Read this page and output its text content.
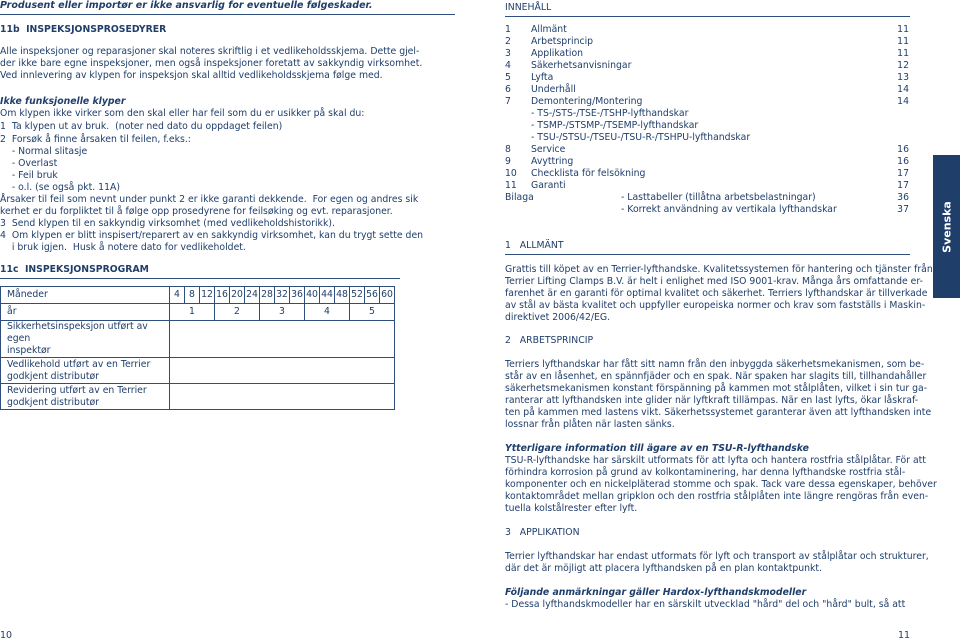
Produsent eller importør er ikke ansvarlig for eventuelle følgeskader.
11b INSPEKSJONSPROSEDYRER
Alle inspeksjoner og reparasjoner skal noteres skriftlig i et vedlikeholdsskjema. Dette gjel-
der ikke bare egne inspeksjoner, men også inspeksjoner foretatt av sakkyndig virksomhet.
Ved innlevering av klypen for inspeksjon skal alltid vedlikeholdsskjema følge med.
Ikke funksjonelle klyper
Om klypen ikke virker som den skal eller har feil som du er usikker på skal du:
1  Ta klypen ut av bruk.  (noter ned dato du oppdaget feilen)
2  Forsøk å finne årsaken til feilen, f.eks.:
- Normal slitasje
- Overlast
- Feil bruk
- o.l. (se også pkt. 11A)
Årsaker til feil som nevnt under punkt 2 er ikke garanti dekkende.  For egen og andres sik
kerhet er du forpliktet til å følge opp prosedyrene for feilsøking og evt. reparasjoner.
3  Send klypen til en sakkyndig virksomhet (med vedlikeholdshistorikk).
4  Om klypen er blitt inspisert/reparert av en sakkyndig virksomhet, kan du trygt sette den
i bruk igjen.  Husk å notere dato for vedlikeholdet.
11c INSPEKSJONSPROGRAM
Måneder	4	8	12	16	20	24	28	32	36	40	44	48	52	56	60
år	1			2			3			4			5		

Sikkerhetsinspeksjon utført av egen
inspektør															

Vedlikehold utført av en Terrier
godkjent distributør															

Revidering utført av en Terrier
godkjent distributør															

10
INNEHÅLL
1 Allmänt	11
2 Arbetsprincip	11
3 Applikation	11
4 Säkerhetsanvisningar	12
5 Lyfta	13
6 Underhåll	14
7 Demontering/Montering	14
- TS-/STS-/TSE-/TSHP-lyfthandskar
- TSMP-/STSMP-/TSEMP-lyfthandskar
- TSU-/STSU-/TSEU-/TSU-R-/TSHPU-lyfthandskar
8 Service	16
9 Avyttring	16
10 Checklista för felsökning	17
11 Garanti	17
Bilaga	- Lasttabeller (tillåtna arbetsbelastningar)	36
- Korrekt användning av vertikala lyfthandskar	37
1 ALLMÄNT
Grattis till köpet av en Terrier-lyfthandske. Kvalitetssystemen för hantering och tjänster från
Terrier Lifting Clamps B.V. är helt i enlighet med ISO 9001-krav. Många års omfattande er-
farenhet är en garanti för optimal kvalitet och säkerhet. Terriers lyfthandskar är tillverkade
av stål av bästa kvalitet och uppfyller europeiska normer och krav som fastställs i Maskin-
direktivet 2006/42/EG.
2 ARBETSPRINCIP
Terriers lyfthandskar har fått sitt namn från den inbyggda säkerhetsmekanismen, som be-
står av en låsenhet, en spännfjäder och en spak. När spaken har slagits till, tillhandahåller
säkerhetsmekanismen konstant förspänning på kammen mot stålplåten, vilket i sin tur ga-
ranterar att lyfthandsken inte glider när lyftkraft tillämpas. När en last lyfts, ökar låskraf-
ten på kammen med lastens vikt. Säkerhetssystemet garanterar även att lyfthandsken inte
lossnar från plåten när lasten sänks.
Ytterligare information till ägare av en TSU-R-lyfthandske
TSU-R-lyfthandske har särskilt utformats för att lyfta och hantera rostfria stålplåtar. För att
förhindra korrosion på grund av kolkontaminering, har denna lyfthandske rostfria stål-
komponenter och en nickelpläterad stomme och spak. Tack vare dessa egenskaper, behöver
kontaktområdet mellan gripklon och den rostfria stålplåten inte längre rengöras från even-
tuella kolstålrester efter lyft.
3 APPLIKATION
Terrier lyfthandskar har endast utformats för lyft och transport av stålplåtar och strukturer,
där det är möjligt att placera lyfthandsken på en plan kontaktpunkt.
Följande anmärkningar gäller Hardox-lyfthandskmodeller
- Dessa lyfthandskmodeller har en särskilt utvecklad "hård" del och "hård" bult, så att
11
Svenska
